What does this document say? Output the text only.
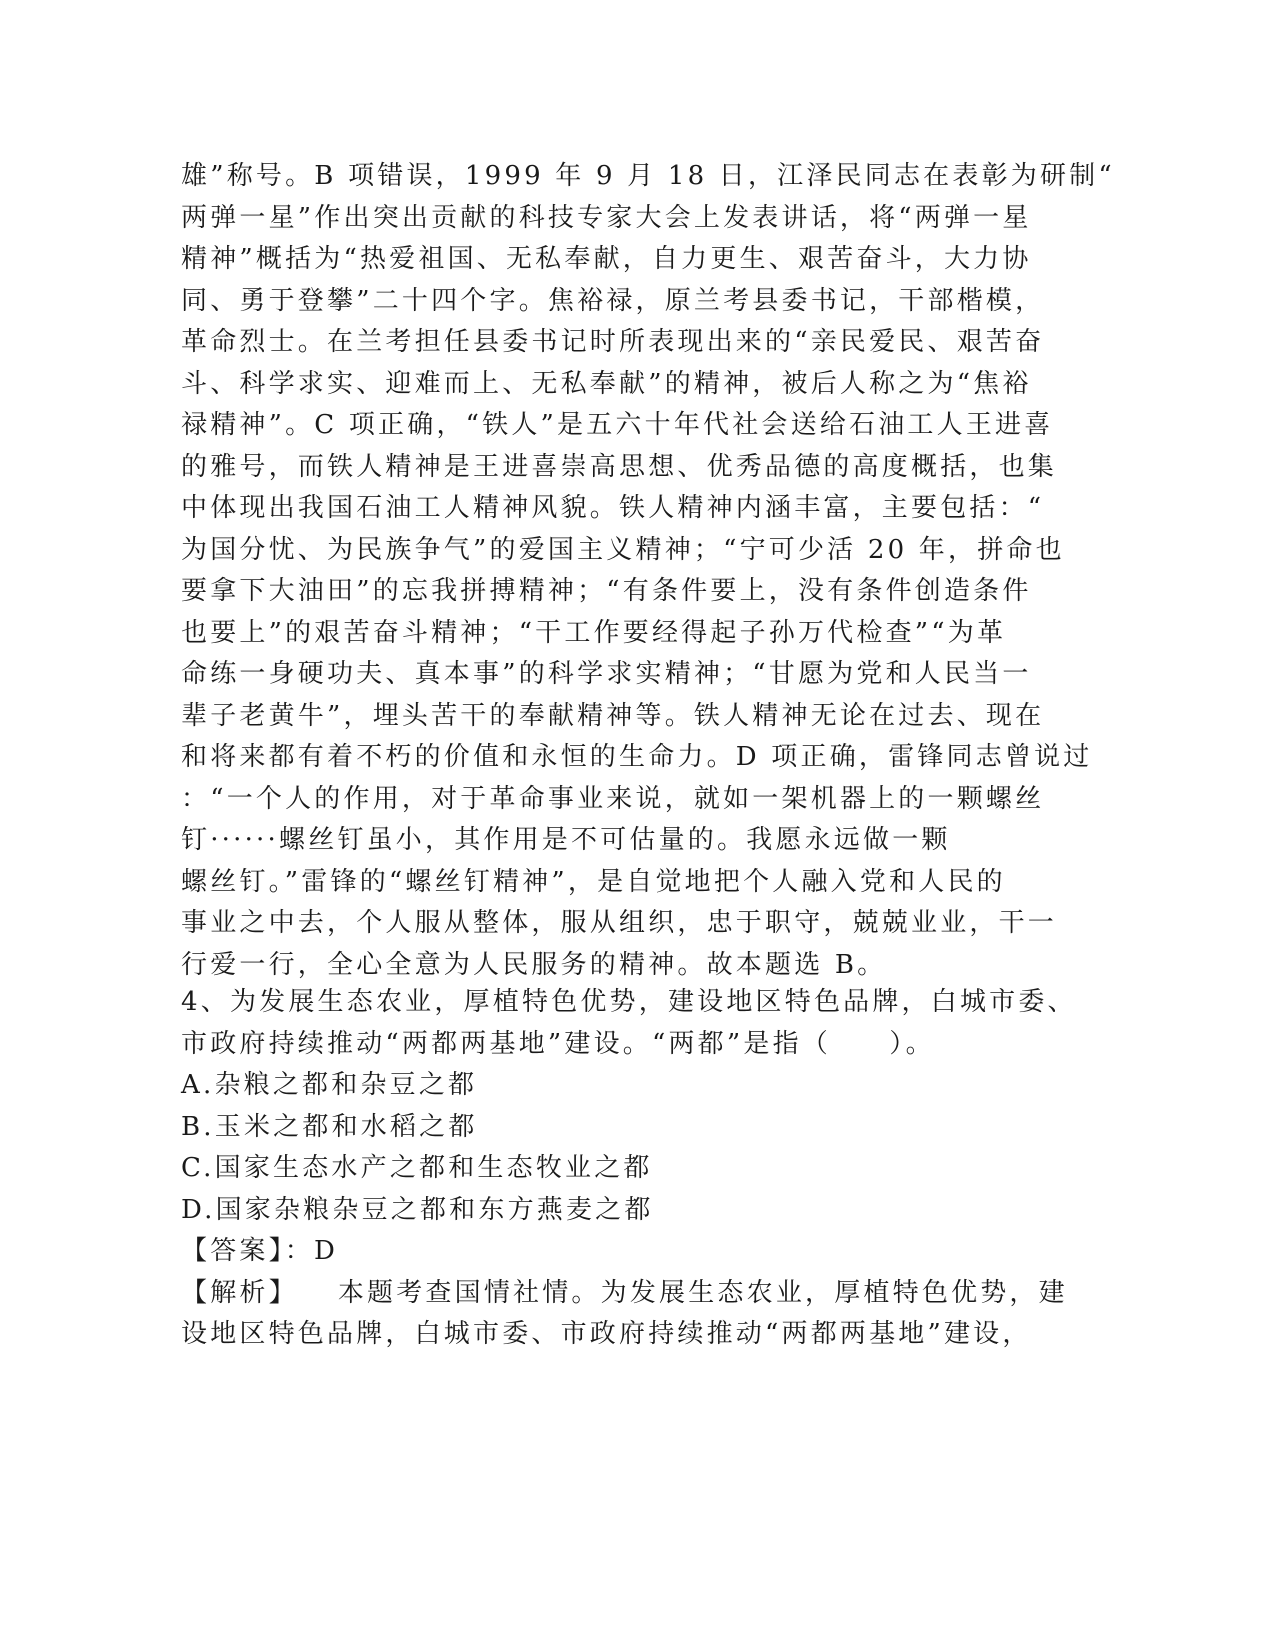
雄”称号。B 项错误，1999 年 9 月 18 日，江泽民同志在表彰为研制“
两弹一星”作出突出贡献的科技专家大会上发表讲话，将“两弹一星
精神”概括为“热爱祖国、无私奉献，自力更生、艰苦奋斗，大力协
同、勇于登攀”二十四个字。焦裕禄，原兰考县委书记，干部楷模，
革命烈士。在兰考担任县委书记时所表现出来的“亲民爱民、艰苦奋
斗、科学求实、迎难而上、无私奉献”的精神，被后人称之为“焦裕
禄精神”。C 项正确，“铁人”是五六十年代社会送给石油工人王进喜
的雅号，而铁人精神是王进喜崇高思想、优秀品德的高度概括，也集
中体现出我国石油工人精神风貌。铁人精神内涵丰富，主要包括：“
为国分忧、为民族争气”的爱国主义精神；“宁可少活 20 年，拼命也
要拿下大油田”的忘我拼搏精神；“有条件要上，没有条件创造条件
也要上”的艰苦奋斗精神；“干工作要经得起子孙万代检查”“为革
命练一身硬功夫、真本事”的科学求实精神；“甘愿为党和人民当一
辈子老黄牛”，埋头苦干的奉献精神等。铁人精神无论在过去、现在
和将来都有着不朽的价值和永恒的生命力。D 项正确，雷锋同志曾说过
：“一个人的作用，对于革命事业来说，就如一架机器上的一颗螺丝
钉······螺丝钉虽小，其作用是不可估量的。我愿永远做一颗
螺丝钉。”雷锋的“螺丝钉精神”，是自觉地把个人融入党和人民的
事业之中去，个人服从整体，服从组织，忠于职守，兢兢业业，干一
行爱一行，全心全意为人民服务的精神。故本题选 B。
4、为发展生态农业，厚植特色优势，建设地区特色品牌，白城市委、
市政府持续推动“两都两基地”建设。“两都”是指（　　）。
A.杂粮之都和杂豆之都
B.玉米之都和水稻之都
C.国家生态水产之都和生态牧业之都
D.国家杂粮杂豆之都和东方燕麦之都
【答案】：D
【解析】 本题考查国情社情。为发展生态农业，厚植特色优势，建
设地区特色品牌，白城市委、市政府持续推动“两都两基地”建设，
